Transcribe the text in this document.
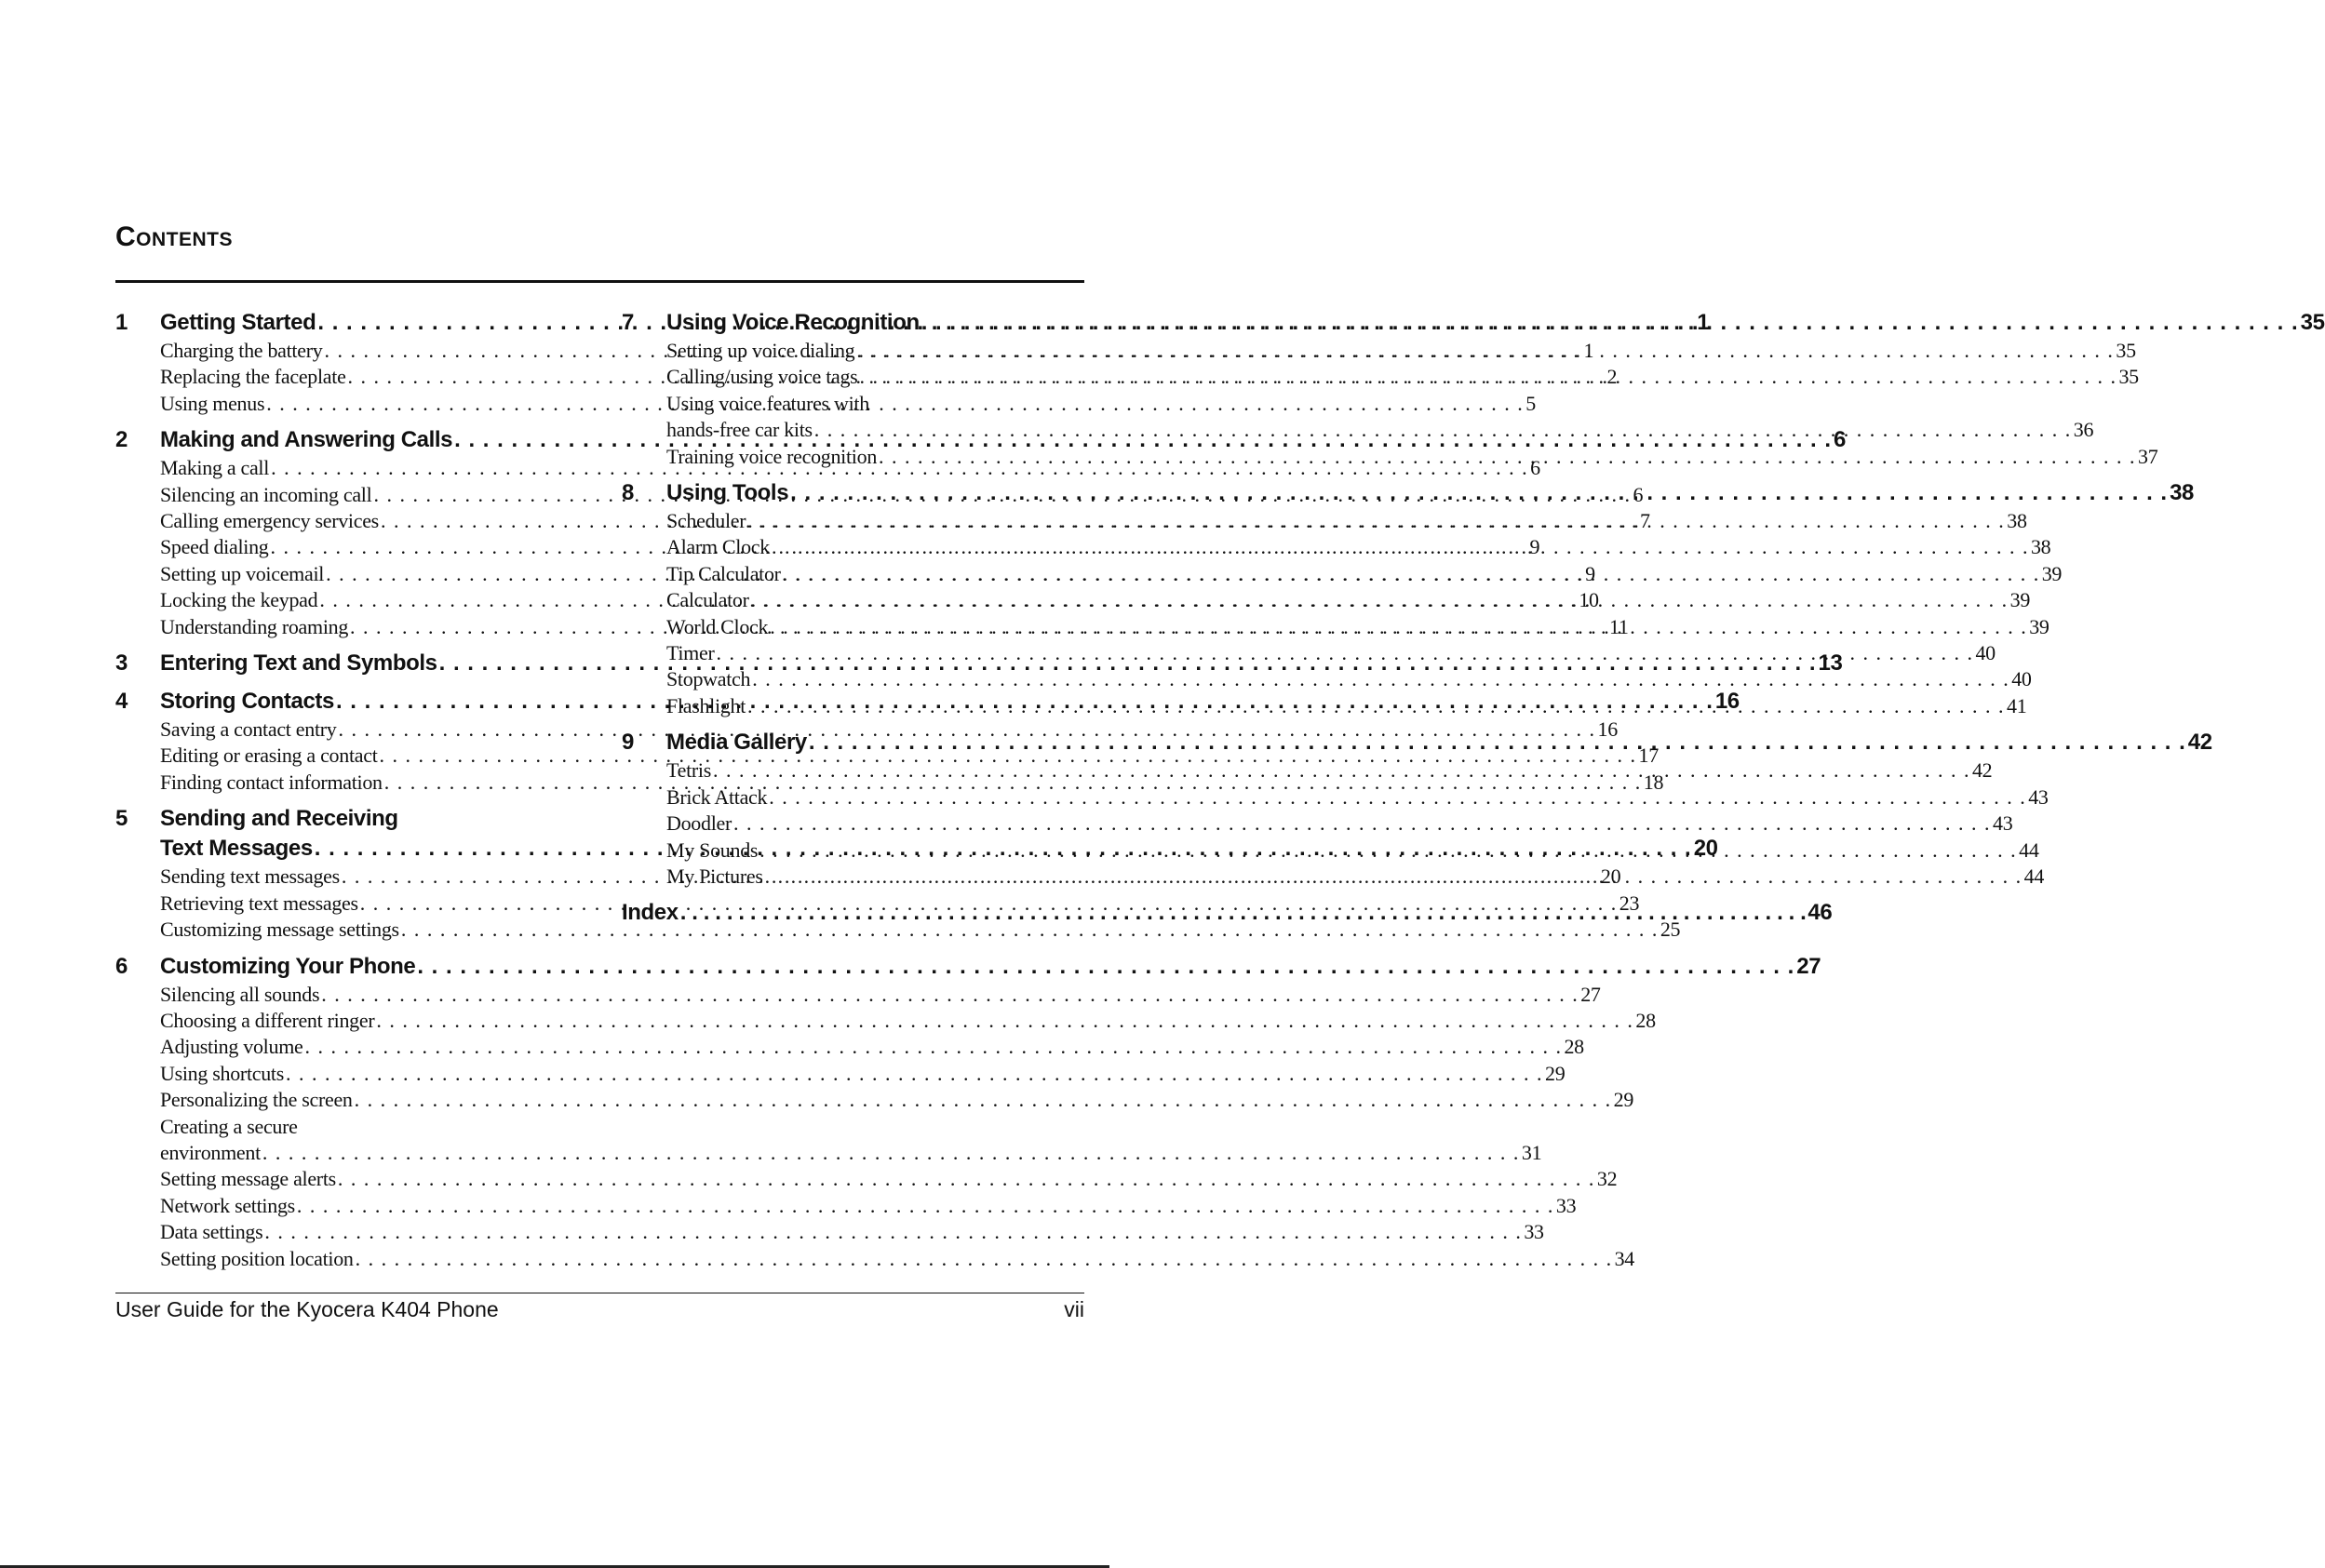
Contents
1	Getting Started . . .	1
Charging the battery . . .	1
Replacing the faceplate . . .	2
Using menus . . .	5
2	Making and Answering Calls . . .	6
Making a call . . .	6
Silencing an incoming call . . .	6
Calling emergency services . . .	7
Speed dialing . . .	9
Setting up voicemail . . .	9
Locking the keypad . . .	10
Understanding roaming . . .	11
3	Entering Text and Symbols . . .	13
4	Storing Contacts . . .	16
Saving a contact entry . . .	16
Editing or erasing a contact . . .	17
Finding contact information . . .	18
5	Sending and Receiving
Text Messages . . .	20
Sending text messages . . .	20
Retrieving text messages . . .	23
Customizing message settings . . .	25
6	Customizing Your Phone . . .	27
Silencing all sounds . . .	27
Choosing a different ringer . . .	28
Adjusting volume . . .	28
Using shortcuts . . .	29
Personalizing the screen . . .	29
Creating a secure
environment . . .	31
Setting message alerts . . .	32
Network settings . . .	33
Data settings . . .	33
Setting position location . . .	34
7	Using Voice Recognition . . .	35
Setting up voice dialing . . .	35
Calling/using voice tags . . .	35
Using voice features with
hands-free car kits . . .	36
Training voice recognition . . .	37
8	Using Tools . . .	38
Scheduler . . .	38
Alarm Clock . . .	38
Tip Calculator . . .	39
Calculator . . .	39
World Clock . . .	39
Timer . . .	40
Stopwatch . . .	40
Flashlight . . .	41
9	Media Gallery . . .	42
Tetris . . .	42
Brick Attack . . .	43
Doodler . . .	43
My Sounds . . .	44
My Pictures . . .	44
Index . . .	46
User Guide for the Kyocera K404 Phone	vii
